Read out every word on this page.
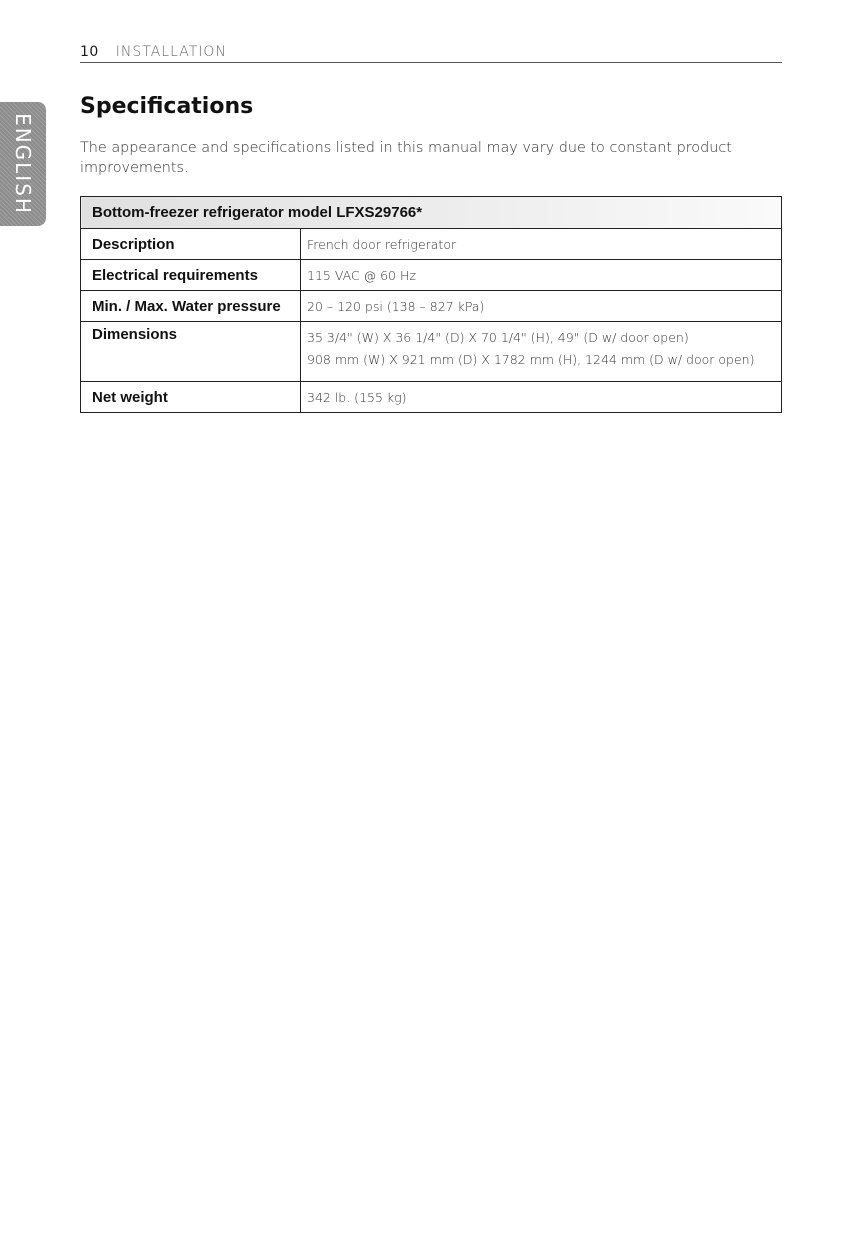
10 INSTALLATION
ENGLISH
Specifications

The appearance and specifications listed in this manual may vary due to constant product improvements.

Bottom-freezer refrigerator model LFXS29766*	
Description	French door refrigerator
Electrical requirements	115 VAC @ 60 Hz
Min. / Max. Water pressure	20 – 120 psi (138 – 827 kPa)
Dimensions	35 3/4" (W) X 36 1/4" (D) X 70 1/4" (H), 49" (D w/ door open)
908 mm (W) X 921 mm (D) X 1782 mm (H), 1244 mm (D w/ door open)

Net weight	342 lb. (155 kg)
